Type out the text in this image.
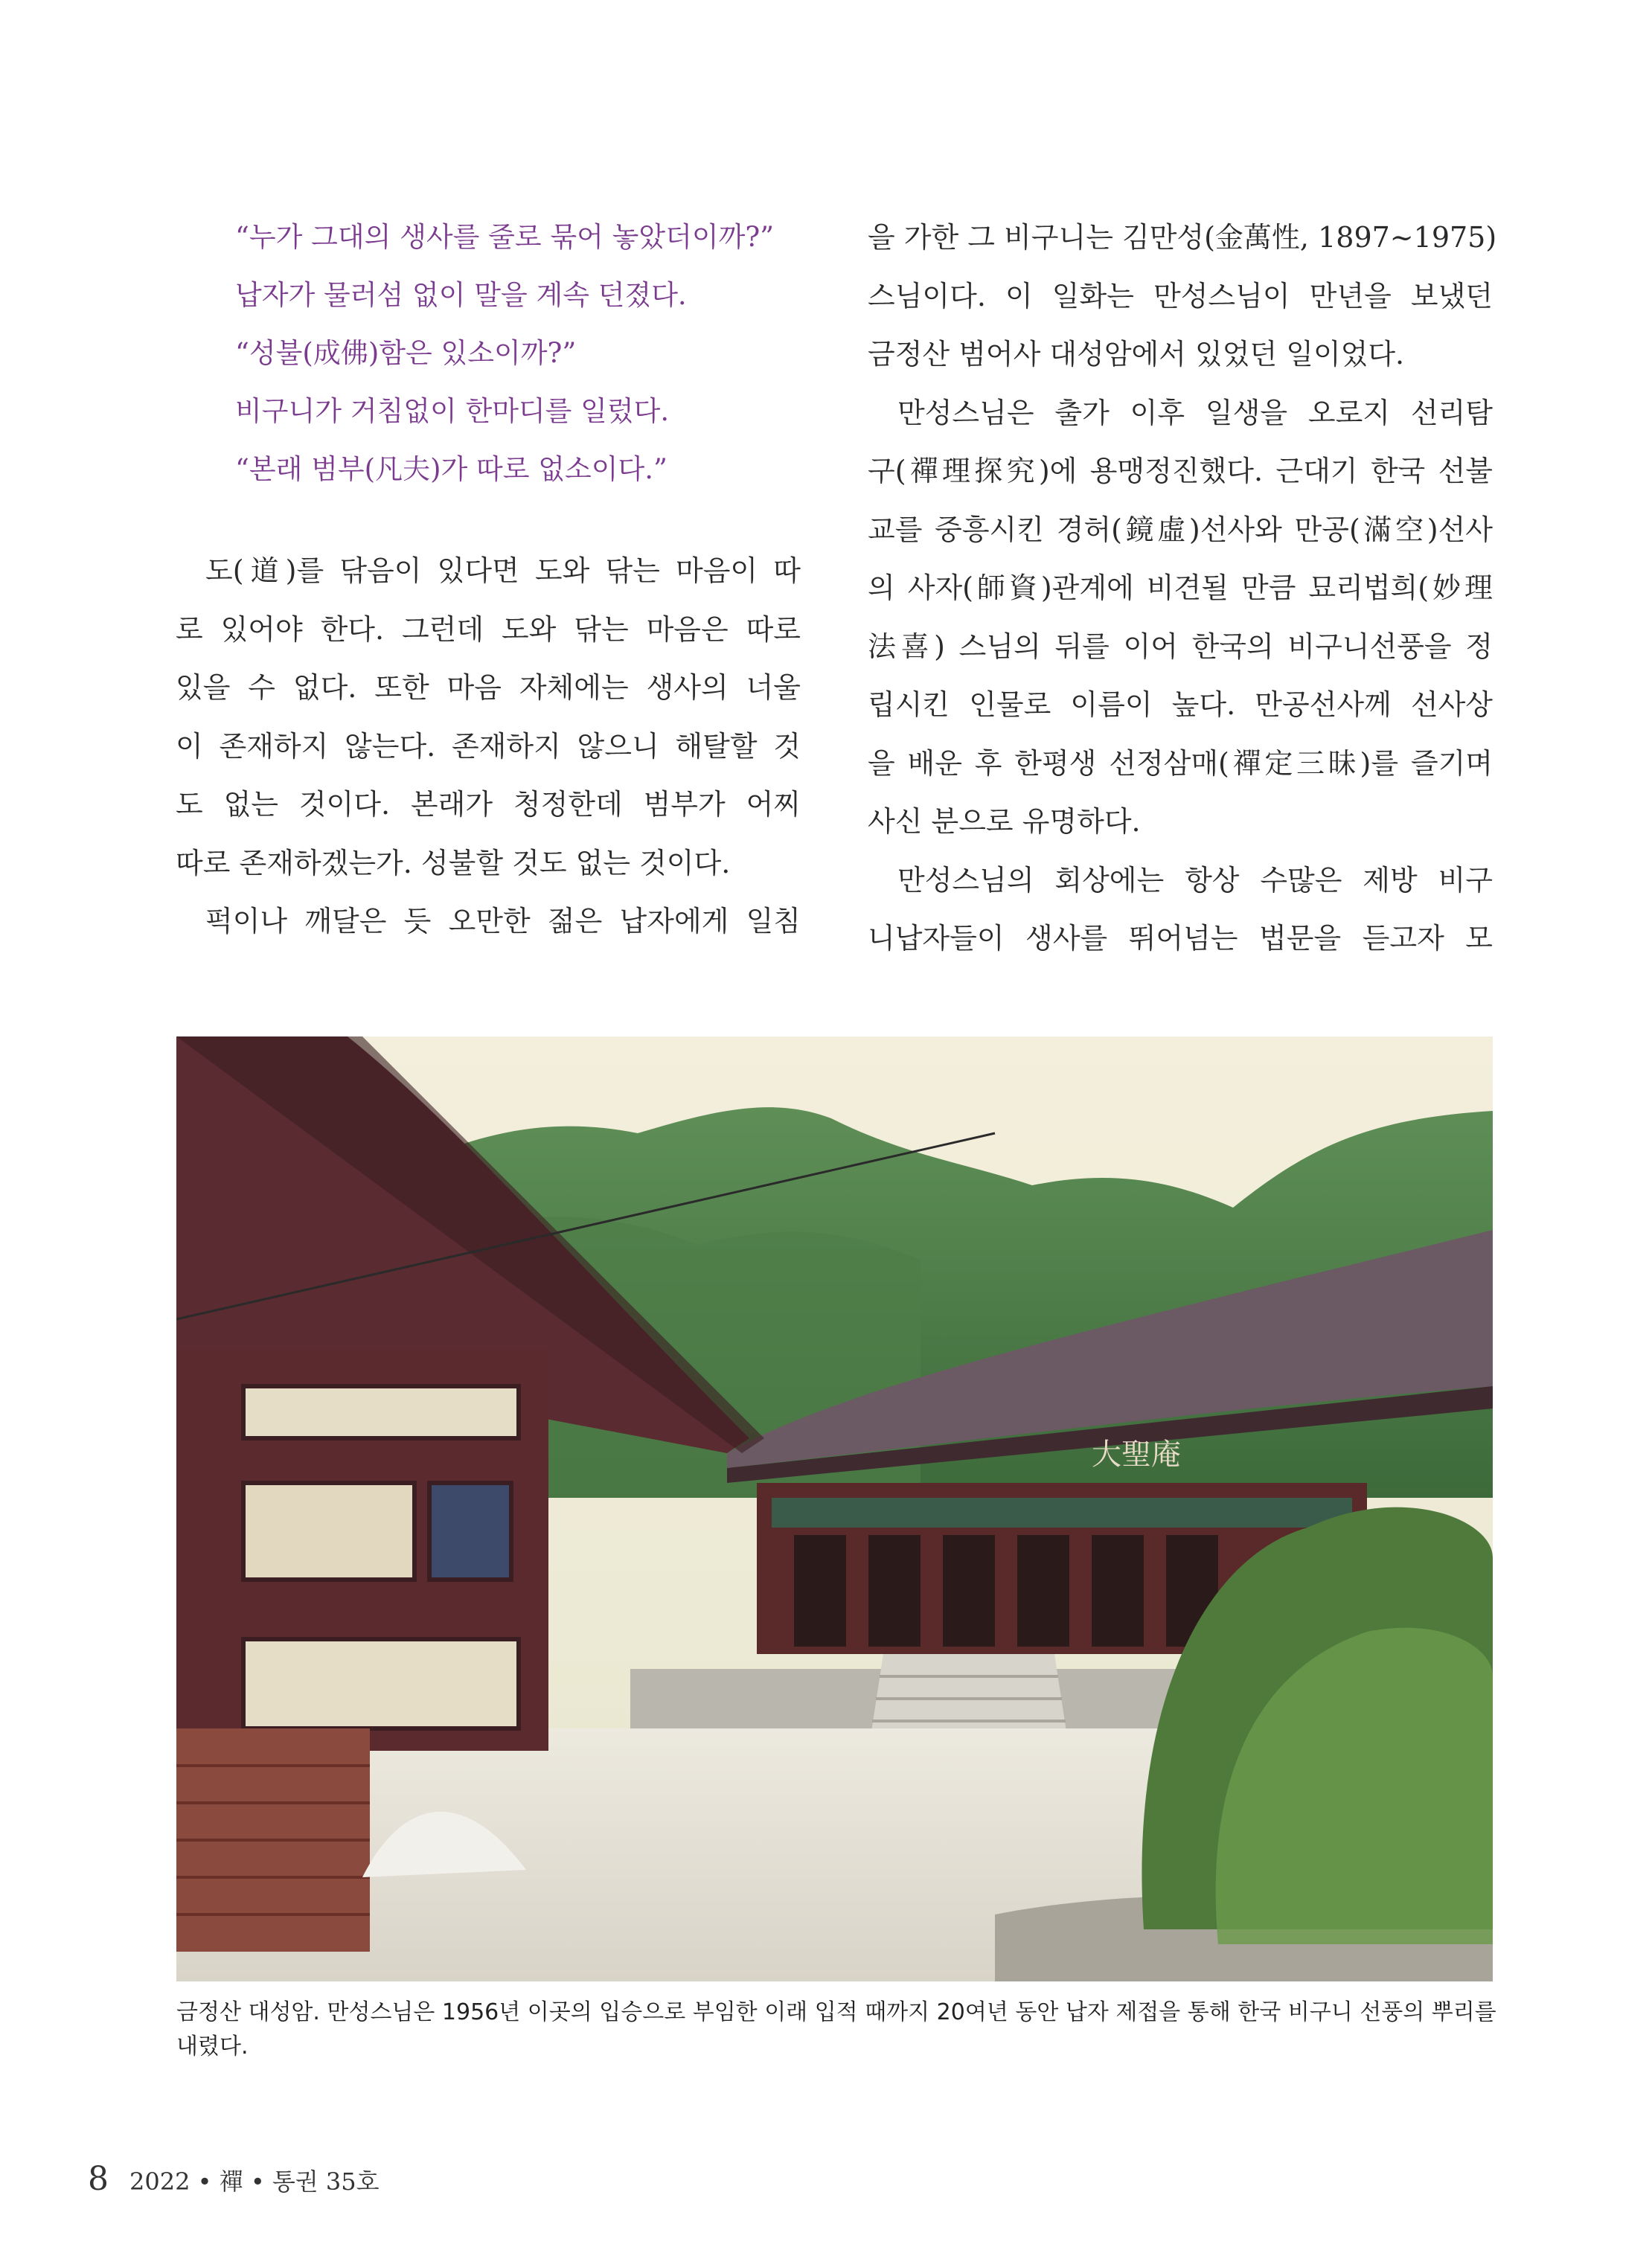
“누가 그대의 생사를 줄로 묶어 놓았더이까?”
납자가 물러섬 없이 말을 계속 던졌다.
“성불(成佛)함은 있소이까?”
비구니가 거침없이 한마디를 일렀다.
“본래 범부(凡夫)가 따로 없소이다.”
도(道)를 닦음이 있다면 도와 닦는 마음이 따
로 있어야 한다. 그런데 도와 닦는 마음은 따로
있을 수 없다. 또한 마음 자체에는 생사의 너울
이 존재하지 않는다. 존재하지 않으니 해탈할 것
도 없는 것이다. 본래가 청정한데 범부가 어찌
따로 존재하겠는가. 성불할 것도 없는 것이다.
퍽이나 깨달은 듯 오만한 젊은 납자에게 일침
을 가한 그 비구니는 김만성(金萬性, 1897~1975)
스님이다. 이 일화는 만성스님이 만년을 보냈던
금정산 범어사 대성암에서 있었던 일이었다.
만성스님은 출가 이후 일생을 오로지 선리탐
구(禪理探究)에 용맹정진했다. 근대기 한국 선불
교를 중흥시킨 경허(鏡虛)선사와 만공(滿空)선사
의 사자(師資)관계에 비견될 만큼 묘리법희(妙理
法喜) 스님의 뒤를 이어 한국의 비구니선풍을 정
립시킨 인물로 이름이 높다. 만공선사께 선사상
을 배운 후 한평생 선정삼매(禪定三昧)를 즐기며
사신 분으로 유명하다.
만성스님의 회상에는 항상 수많은 제방 비구
니납자들이 생사를 뛰어넘는 법문을 듣고자 모
大聖庵
금정산 대성암. 만성스님은 1956년 이곳의 입승으로 부임한 이래 입적 때까지 20여년 동안 납자 제접을 통해 한국 비구니 선풍의 뿌리를 내렸다.
8 2022 • 禪 • 통권 35호
